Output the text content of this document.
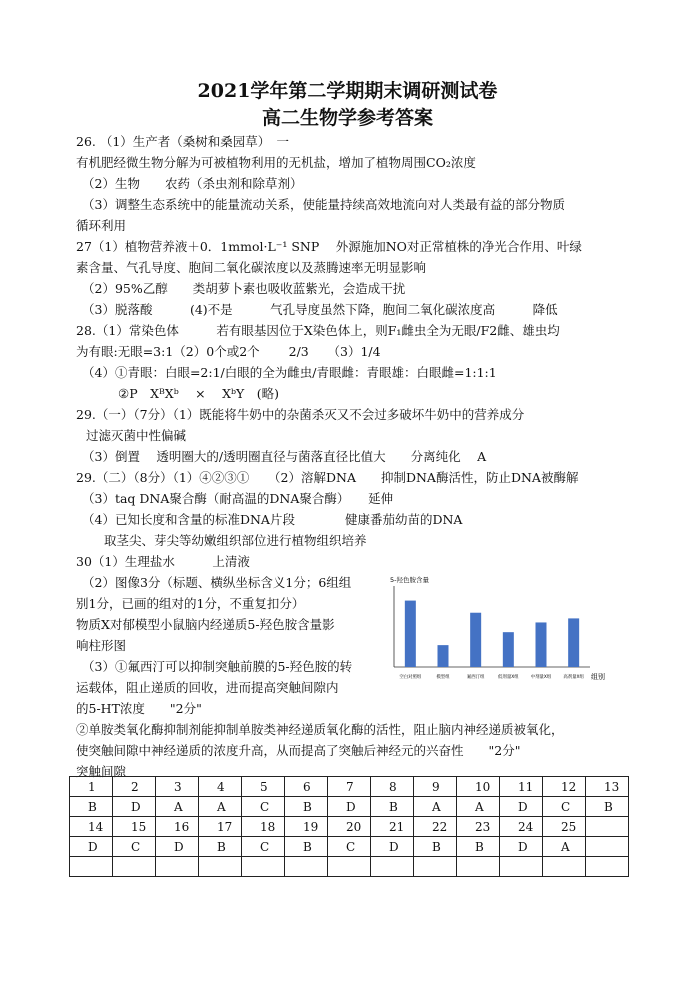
2021学年第二学期期末调研测试卷
高二生物学参考答案
26. （1）生产者（桑树和桑园草）　一
有机肥经微生物分解为可被植物利用的无机盐，增加了植物周围CO₂浓度
（2）生物　　农药（杀虫剂和除草剂）
（3）调整生态系统中的能量流动关系，使能量持续高效地流向对人类最有益的部分物质
循环利用
27（1）植物营养液＋0．1mmol·L⁻¹ SNP　 外源施加NO对正常植株的净光合作用、叶绿
素含量、气孔导度、胞间二氧化碳浓度以及蒸腾速率无明显影响
（2）95%乙醇　　类胡萝卜素也吸收蓝紫光，会造成干扰
（3）脱落酸　　　(4)不是　　　气孔导度虽然下降，胞间二氧化碳浓度高　　　降低
28.（1）常染色体　　　若有眼基因位于X染色体上，则F₁雌虫全为无眼/F2雌、雄虫均
为有眼:无眼=3:1（2）0个或2个　　 2/3　　（3）1/4
（4）①青眼：白眼=2:1/白眼的全为雌虫/青眼雌：青眼雄：白眼雌=1:1:1
②P　XᴮXᵇ　 ×　 XᵇY　(略)
29.（一）（7分）（1）既能将牛奶中的杂菌杀灭又不会过多破坏牛奶中的营养成分
过滤灭菌中性偏碱
（3）倒置　 透明圈大的/透明圈直径与菌落直径比值大　　分离纯化　 A
29.（二）（8分）（1）④②③①　　（2）溶解DNA　　抑制DNA酶活性，防止DNA被酶解
（3）taq DNA聚合酶（耐高温的DNA聚合酶）　　延伸
（4）已知长度和含量的标准DNA片段　　　　健康番茄幼苗的DNA
取茎尖、芽尖等幼嫩组织部位进行植物组织培养
30（1）生理盐水　　　上清液
（2）图像3分（标题、横纵坐标含义1分；6组组
别1分，已画的组对的1分，不重复扣分）
物质X对郁模型小鼠脑内经递质5-羟色胺含量影
响柱形图
（3）①氟西汀可以抑制突触前膜的5-羟色胺的转
运载体，阻止递质的回收，进而提高突触间隙内
的5-HT浓度　　"2分"
②单胺类氧化酶抑制剂能抑制单胺类神经递质氧化酶的活性，阻止脑内神经递质被氧化，
使突触间隙中神经递质的浓度升高，从而提高了突触后神经元的兴奋性　　"2分"
突触间隙
5-羟色胺含量
组别
空白对照组	模型组	氟西汀组	低剂量X组	中剂量X组	高剂量X组
1	2	3	4	5	6	7	8	9	10	11	12	13
B	D	A	A	C	B	D	B	A	A	D	C	B
14	15	16	17	18	19	20	21	22	23	24	25	
D	C	D	B	C	B	C	D	B	B	D	A	
